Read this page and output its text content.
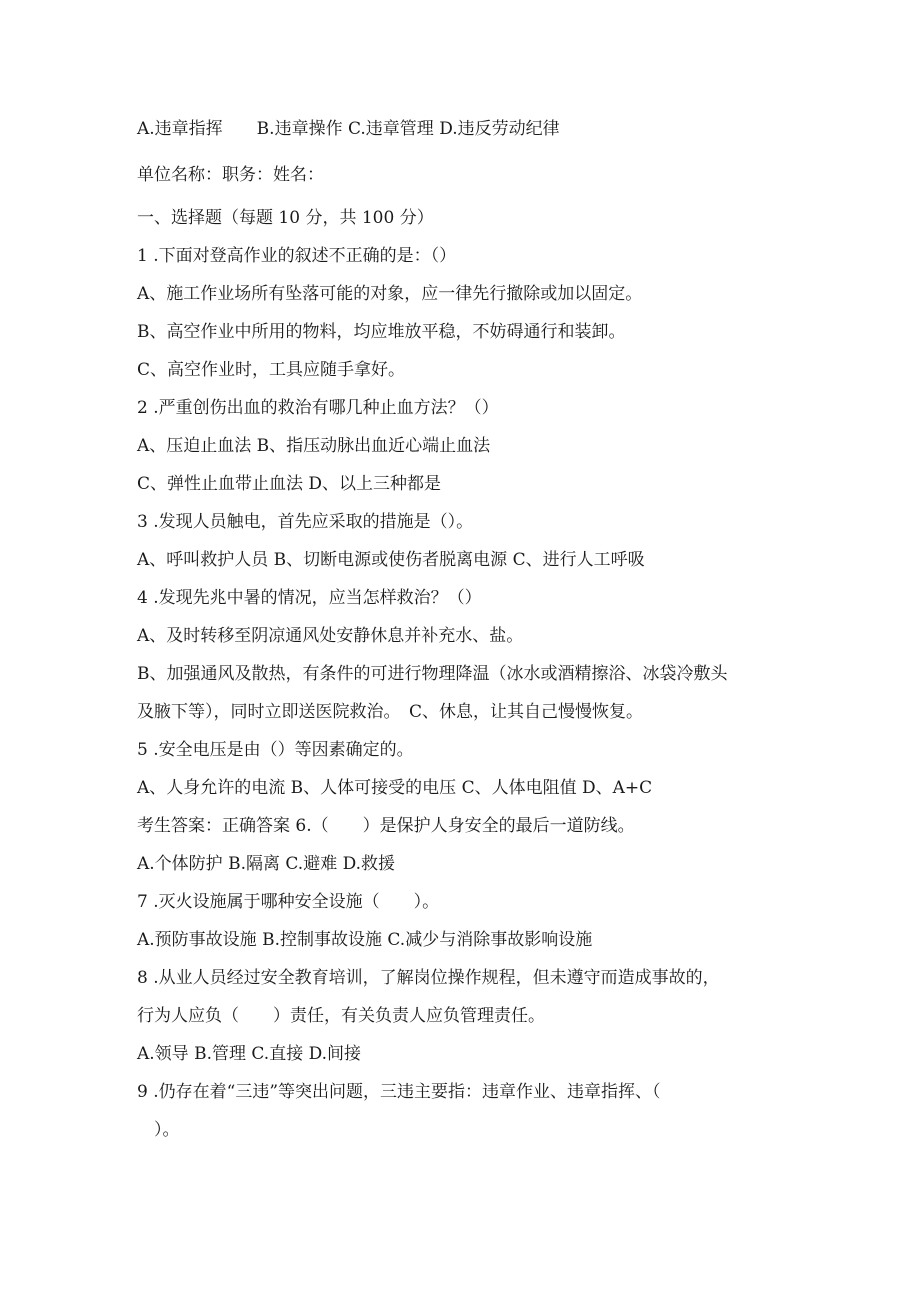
A.违章指挥　　B.违章操作 C.违章管理 D.违反劳动纪律
单位名称：职务：姓名：
一、选择题（每题 10 分，共 100 分）
1 .下面对登高作业的叙述不正确的是：（）
A、施工作业场所有坠落可能的对象，应一律先行撤除或加以固定。
B、高空作业中所用的物料，均应堆放平稳，不妨碍通行和装卸。
C、高空作业时，工具应随手拿好。
2 .严重创伤出血的救治有哪几种止血方法？（）
A、压迫止血法 B、指压动脉出血近心端止血法
C、弹性止血带止血法 D、以上三种都是
3 .发现人员触电，首先应采取的措施是（）。
A、呼叫救护人员 B、切断电源或使伤者脱离电源 C、进行人工呼吸
4 .发现先兆中暑的情况，应当怎样救治？（）
A、及时转移至阴凉通风处安静休息并补充水、盐。
B、加强通风及散热，有条件的可进行物理降温（冰水或酒精擦浴、冰袋冷敷头
及腋下等），同时立即送医院救治。　C、休息，让其自己慢慢恢复。
5 .安全电压是由（）等因素确定的。
A、人身允许的电流 B、人体可接受的电压 C、人体电阻值 D、A+C
考生答案：正确答案 6.（　　）是保护人身安全的最后一道防线。
A.个体防护 B.隔离 C.避难 D.救援
7 .灭火设施属于哪种安全设施（　　）。
A.预防事故设施 B.控制事故设施 C.减少与消除事故影响设施
8 .从业人员经过安全教育培训，了解岗位操作规程，但未遵守而造成事故的，
行为人应负（　　）责任，有关负责人应负管理责任。
A.领导 B.管理 C.直接 D.间接
9 .仍存在着“三违”等突出问题，三违主要指：违章作业、违章指挥、（
　）。
